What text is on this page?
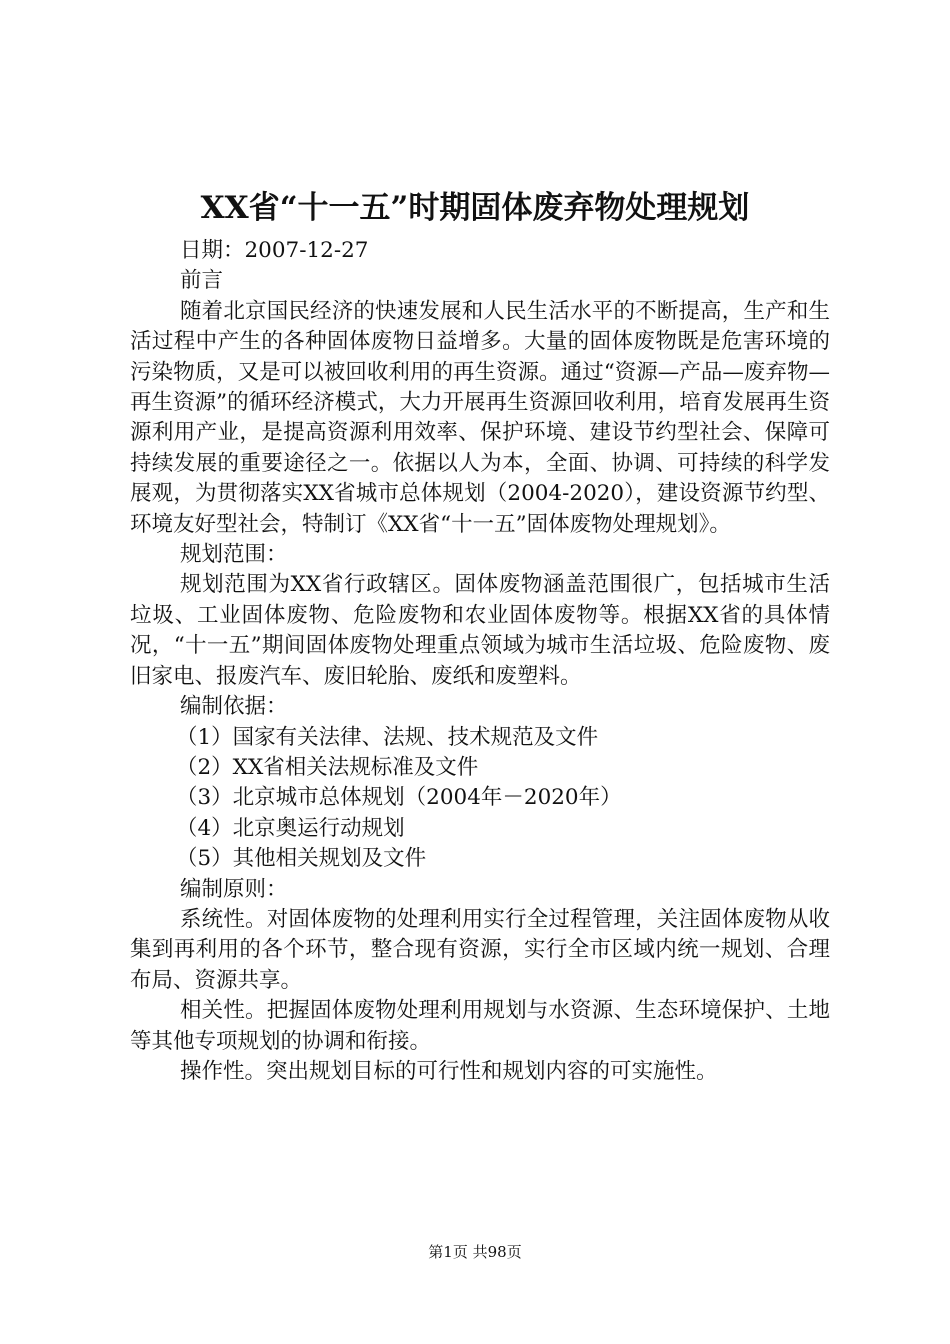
XX省“十一五”时期固体废弃物处理规划

日期：2007-12-27

前言

随着北京国民经济的快速发展和人民生活水平的不断提高，生产和生活过程中产生的各种固体废物日益增多。大量的固体废物既是危害环境的污染物质，又是可以被回收利用的再生资源。通过“资源—产品—废弃物—再生资源”的循环经济模式，大力开展再生资源回收利用，培育发展再生资源利用产业，是提高资源利用效率、保护环境、建设节约型社会、保障可持续发展的重要途径之一。依据以人为本，全面、协调、可持续的科学发展观，为贯彻落实XX省城市总体规划（2004-2020），建设资源节约型、环境友好型社会，特制订《XX省“十一五”固体废物处理规划》。

规划范围：

规划范围为XX省行政辖区。固体废物涵盖范围很广，包括城市生活垃圾、工业固体废物、危险废物和农业固体废物等。根据XX省的具体情况，“十一五”期间固体废物处理重点领域为城市生活垃圾、危险废物、废旧家电、报废汽车、废旧轮胎、废纸和废塑料。

编制依据：

（1）国家有关法律、法规、技术规范及文件

（2）XX省相关法规标准及文件

（3）北京城市总体规划（2004年－2020年）

（4）北京奥运行动规划

（5）其他相关规划及文件

编制原则：

系统性。对固体废物的处理利用实行全过程管理，关注固体废物从收集到再利用的各个环节，整合现有资源，实行全市区域内统一规划、合理布局、资源共享。

相关性。把握固体废物处理利用规划与水资源、生态环境保护、土地等其他专项规划的协调和衔接。

操作性。突出规划目标的可行性和规划内容的可实施性。

第1页 共98页
